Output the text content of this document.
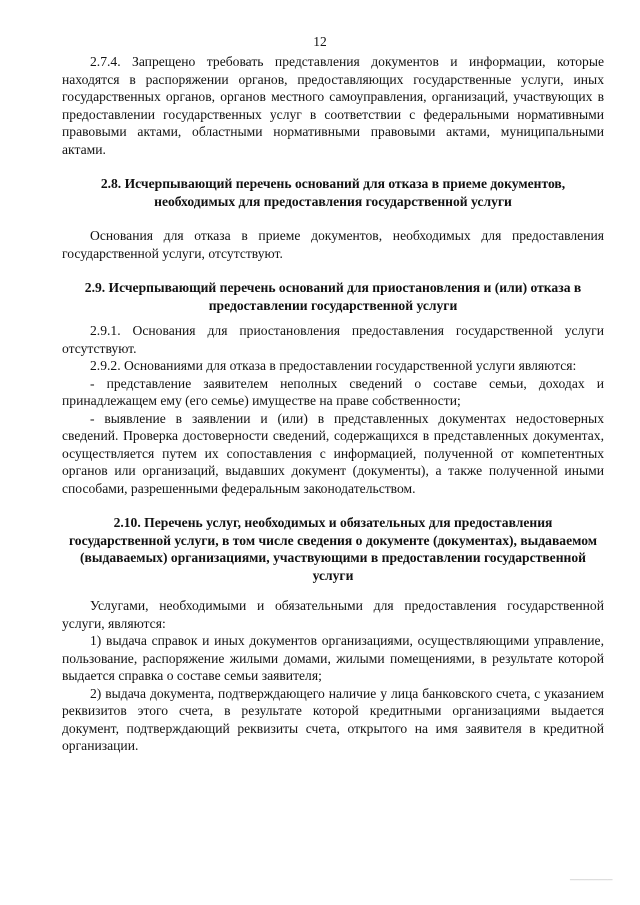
12

2.7.4. Запрещено требовать представления документов и информации, которые находятся в распоряжении органов, предоставляющих государственные услуги, иных государственных органов, органов местного самоуправления, организаций, участвующих в предоставлении государственных услуг в соответствии с федеральными нормативными правовыми актами, областными нормативными правовыми актами, муниципальными актами.

2.8. Исчерпывающий перечень оснований для отказа в приеме документов, необходимых для предоставления государственной услуги

Основания для отказа в приеме документов, необходимых для предоставления государственной услуги, отсутствуют.

2.9. Исчерпывающий перечень оснований для приостановления и (или) отказа в предоставлении государственной услуги

2.9.1. Основания для приостановления предоставления государственной услуги отсутствуют.

2.9.2. Основаниями для отказа в предоставлении государственной услуги являются:

- представление заявителем неполных сведений о составе семьи, доходах и принадлежащем ему (его семье) имуществе на праве собственности;

- выявление в заявлении и (или) в представленных документах недостоверных сведений. Проверка достоверности сведений, содержащихся в представленных документах, осуществляется путем их сопоставления с информацией, полученной от компетентных органов или организаций, выдавших документ (документы), а также полученной иными способами, разрешенными федеральным законодательством.

2.10. Перечень услуг, необходимых и обязательных для предоставления государственной услуги, в том числе сведения о документе (документах), выдаваемом (выдаваемых) организациями, участвующими в предоставлении государственной услуги

Услугами, необходимыми и обязательными для предоставления государственной услуги, являются:

1) выдача справок и иных документов организациями, осуществляющими управление, пользование, распоряжение жилыми домами, жилыми помещениями, в результате которой выдается справка о составе семьи заявителя;

2) выдача документа, подтверждающего наличие у лица банковского счета, с указанием реквизитов этого счета, в результате которой кредитными организациями выдается документ, подтверждающий реквизиты счета, открытого на имя заявителя в кредитной организации.

‒‒‒‒‒‒‒‒‒
